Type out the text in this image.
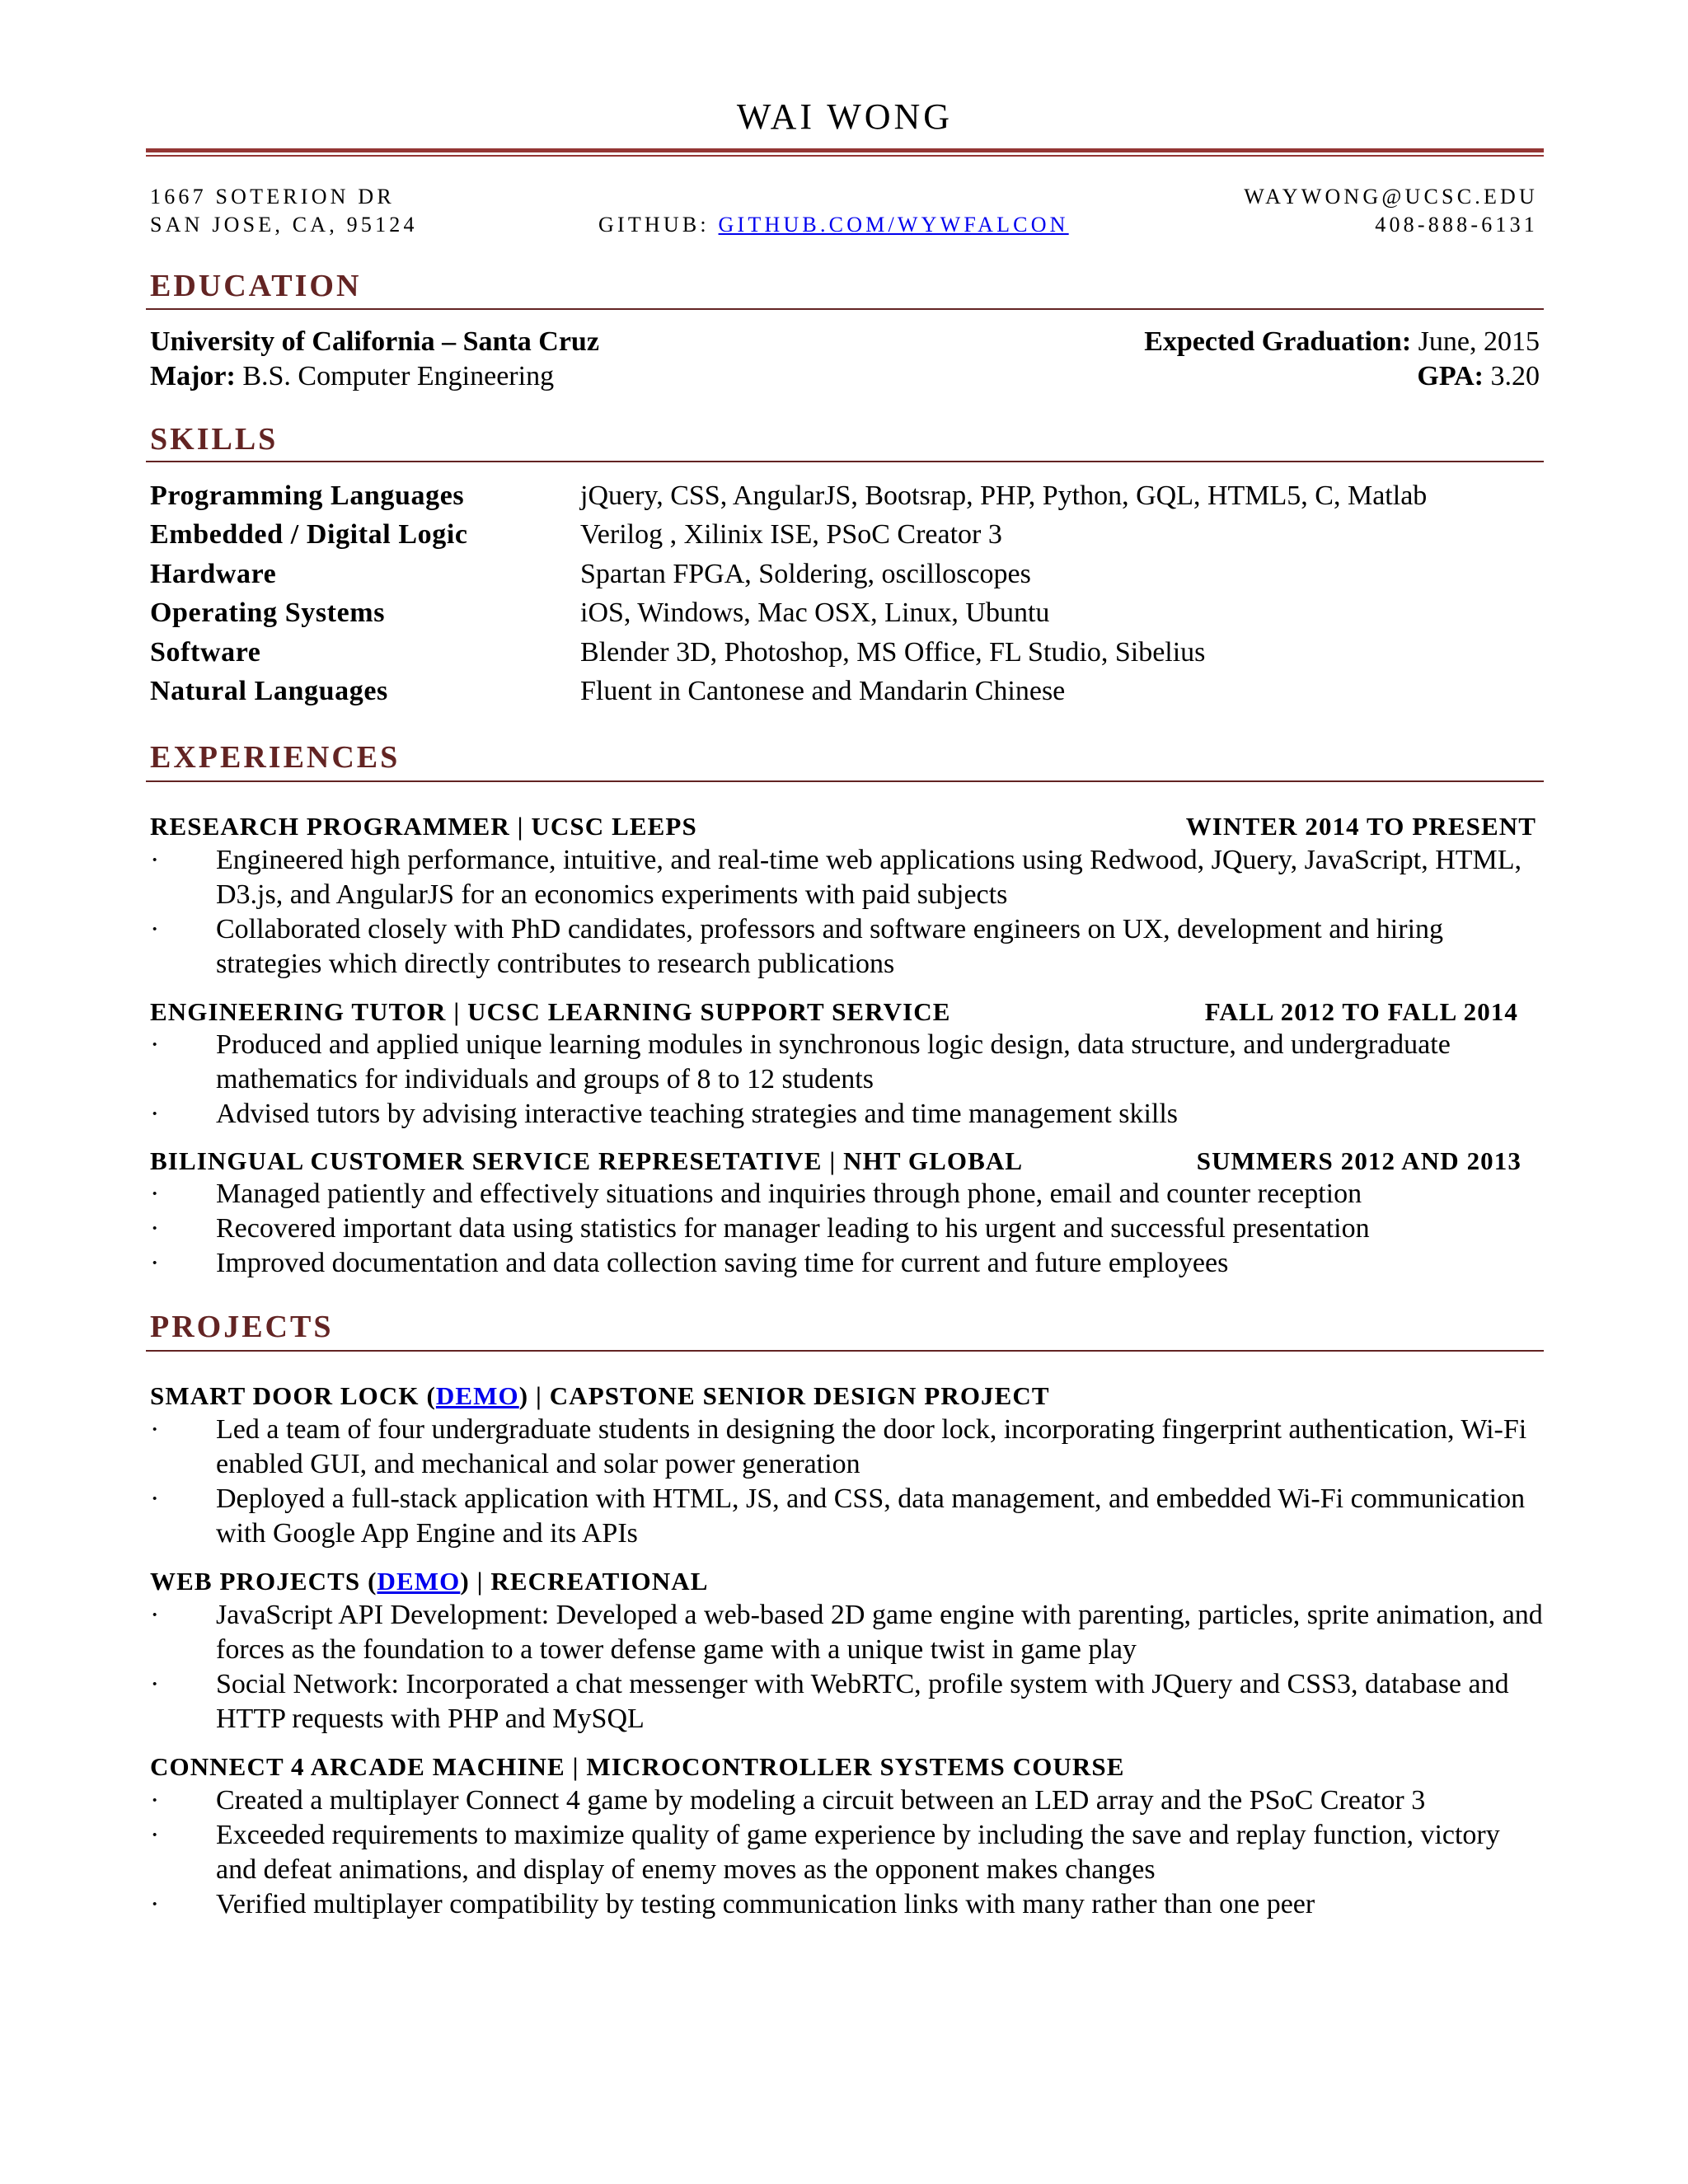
WAI WONG
1667 SOTERION DR	WAYWONG@UCSC.EDU
SAN JOSE, CA, 95124	GITHUB: GITHUB.COM/WYWFALCON	408-888-6131
EDUCATION
University of California – Santa Cruz	Expected Graduation: June, 2015
Major: B.S. Computer Engineering	GPA: 3.20
SKILLS
Programming Languages	jQuery, CSS, AngularJS, Bootsrap, PHP, Python, GQL, HTML5, C, Matlab
Embedded / Digital Logic	Verilog , Xilinix ISE, PSoC Creator 3
Hardware	Spartan FPGA, Soldering, oscilloscopes
Operating Systems	iOS, Windows, Mac OSX, Linux, Ubuntu
Software	Blender 3D, Photoshop, MS Office, FL Studio, Sibelius
Natural Languages	Fluent in Cantonese and Mandarin Chinese
EXPERIENCES
RESEARCH PROGRAMMER | UCSC LEEPS	WINTER 2014 TO PRESENT
· Engineered high performance, intuitive, and real-time web applications using Redwood, JQuery, JavaScript, HTML, D3.js, and AngularJS for an economics experiments with paid subjects
· Collaborated closely with PhD candidates, professors and software engineers on UX, development and hiring strategies which directly contributes to research publications
ENGINEERING TUTOR | UCSC LEARNING SUPPORT SERVICE	FALL 2012 TO FALL 2014
· Produced and applied unique learning modules in synchronous logic design, data structure, and undergraduate mathematics for individuals and groups of 8 to 12 students
· Advised tutors by advising interactive teaching strategies and time management skills
BILINGUAL CUSTOMER SERVICE REPRESETATIVE | NHT GLOBAL	SUMMERS 2012 AND 2013
· Managed patiently and effectively situations and inquiries through phone, email and counter reception
· Recovered important data using statistics for manager leading to his urgent and successful presentation
· Improved documentation and data collection saving time for current and future employees
PROJECTS
SMART DOOR LOCK (DEMO) | CAPSTONE SENIOR DESIGN PROJECT
· Led a team of four undergraduate students in designing the door lock, incorporating fingerprint authentication, Wi-Fi enabled GUI, and mechanical and solar power generation
· Deployed a full-stack application with HTML, JS, and CSS, data management, and embedded Wi-Fi communication with Google App Engine and its APIs
WEB PROJECTS (DEMO) | RECREATIONAL
· JavaScript API Development: Developed a web-based 2D game engine with parenting, particles, sprite animation, and forces as the foundation to a tower defense game with a unique twist in game play
· Social Network: Incorporated a chat messenger with WebRTC, profile system with JQuery and CSS3, database and HTTP requests with PHP and MySQL
CONNECT 4 ARCADE MACHINE | MICROCONTROLLER SYSTEMS COURSE
· Created a multiplayer Connect 4 game by modeling a circuit between an LED array and the PSoC Creator 3
· Exceeded requirements to maximize quality of game experience by including the save and replay function, victory and defeat animations, and display of enemy moves as the opponent makes changes
· Verified multiplayer compatibility by testing communication links with many rather than one peer
